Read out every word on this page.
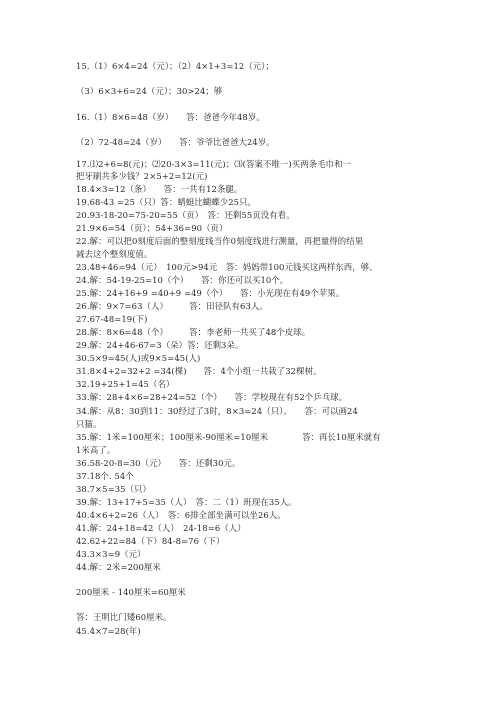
15.（1）6×4=24（元）；（2）4×1+3=12（元）；
（3）6×3+6=24（元）；30>24；够
16.（1）8×6=48（岁）　　答：爸爸今年48岁。
（2）72-48=24（岁）　　答：爷爷比爸爸大24岁。
17.⑴2+6=8(元)；⑵20-3×3=11(元)；⑶(答案不唯一)买两条毛巾和一
把牙刷共多少钱？2×5+2=12(元)
18.4×3=12（条）　　答：一共有12条腿。
19.68-43 =25（只）答：蜻蜓比蝴蝶少25只。
20.93-18-20=75-20=55（页）　答：还剩55页没有看。
21.9×6=54（页）；54+36=90（页）
22.解：可以把0刻度后面的整刻度线当作0刻度线进行测量，再把量得的结果
减去这个整刻度值。
23.48+46=94（元）　100元>94元　答：妈妈带100元钱买这两样东西，够。
24.解：54-19-25=10（个）　　答：你还可以买10个。
25.解：24+16+9 =40+9 =49（个）　　答：小光现在有49个苹果。
26.解：9×7=63（人）　　　答：田径队有63人。
27.67-48=19(下)
28.解：8×6=48（个）　　　答：李老师一共买了48个皮球。
29.解：24+46-67=3（朵）答：还剩3朵。
30.5×9=45(人)或9×5=45(人)
31.8×4+2=32+2 =34(棵)　　答：4个小组一共栽了32棵树。
32.19+25+1=45（名）
33.解：28+4×6=28+24=52（个）　　答：学校现在有52个乒乓球。
34.解：从8：30到11：30经过了3时，8×3=24（只）。　　答：可以画24
只猫。
35.解：1米=100厘米；100厘米-90厘米=10厘米　　　　答：再长10厘米就有
1米高了。
36.58-20-8=30（元）　　答：还剩30元。
37.18个. 54个
38.7×5=35（只）
39.解：13+17+5=35（人）　答：二（1）班现在35人。
40.4×6+2=26（人）　答：6排全部坐满可以坐26人。
41.解：24+18=42（人）　24-18=6（人）
42.62+22=84（下）84-8=76（下）
43.3×3=9（元）
44.解：2米=200厘米
200厘米 - 140厘米=60厘米
答：王明比门矮60厘米。
45.4×7=28(年)
